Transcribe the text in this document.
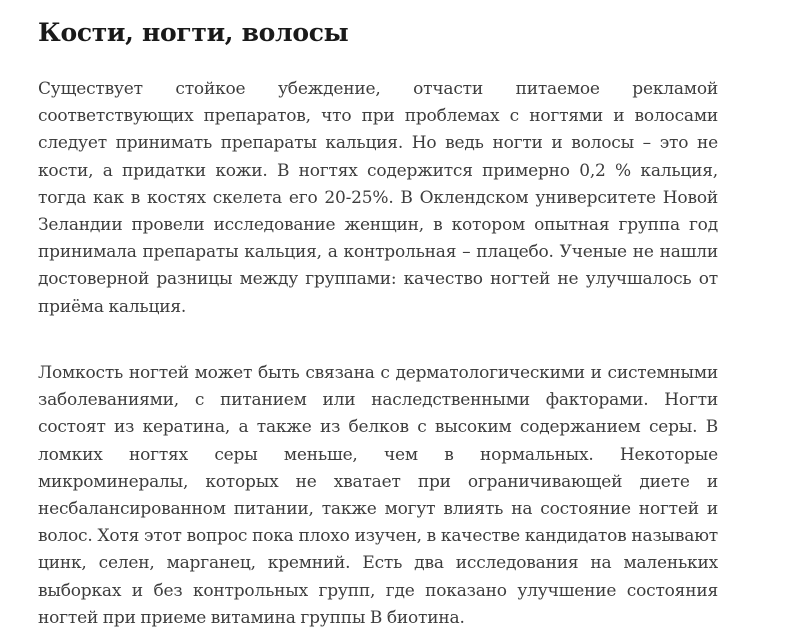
Кости, ногти, волосы

Существует стойкое убеждение, отчасти питаемое рекламой соответствующих препаратов, что при проблемах с ногтями и волосами следует принимать препараты кальция. Но ведь ногти и волосы – это не кости, а придатки кожи. В ногтях содержится примерно 0,2 % кальция, тогда как в костях скелета его 20-25%. В Оклендском университете Новой Зеландии провели исследование женщин, в котором опытная группа год принимала препараты кальция, а контрольная – плацебо. Ученые не нашли достоверной разницы между группами: качество ногтей не улучшалось от приёма кальция.

Ломкость ногтей может быть связана с дерматологическими и системными заболеваниями, с питанием или наследственными факторами. Ногти состоят из кератина, а также из белков с высоким содержанием серы. В ломких ногтях серы меньше, чем в нормальных. Некоторые микроминералы, которых не хватает при ограничивающей диете и несбалансированном питании, также могут влиять на состояние ногтей и волос. Хотя этот вопрос пока плохо изучен, в качестве кандидатов называют цинк, селен, марганец, кремний. Есть два исследования на маленьких выборках и без контрольных групп, где показано улучшение состояния ногтей при приеме витамина группы В биотина.
